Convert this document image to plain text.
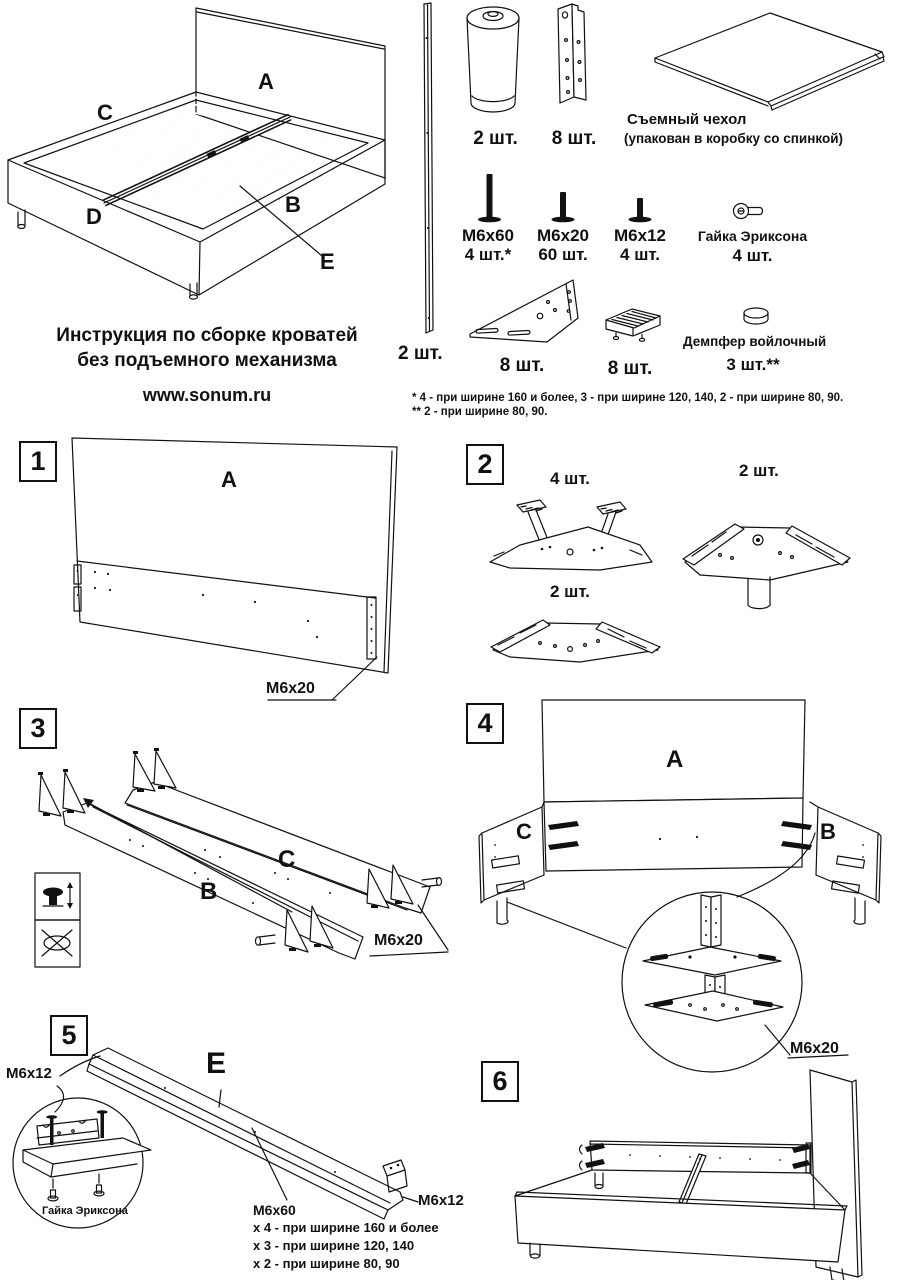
Инструкция по сборке кроватей
без подъемного механизма
www.sonum.ru
A
C
D	B
E
2 шт.
2 шт. 8 шт.
Съемный чехол
(упакован в коробку со спинкой)
М6х60
4 шт.*
М6х20
60 шт.
М6х12
4 шт.
Гайка Эриксона
4 шт.
8 шт.	8 шт.
Демпфер войлочный
3 шт.**
* 4 - при ширине 160 и более, 3 - при ширине 120, 140, 2 - при ширине 80, 90.
** 2 - при ширине 80, 90.
1	2
3	4
5
6
A
M6x20
4 шт.	2 шт.
2 шт.
B
C
M6x20
A
C	B
M6x20
M6x12	E
M6x12
Гайка Эриксона	М6х60
х 4 - при ширине 160 и более
х 3 - при ширине 120, 140
х 2 - при ширине 80, 90
